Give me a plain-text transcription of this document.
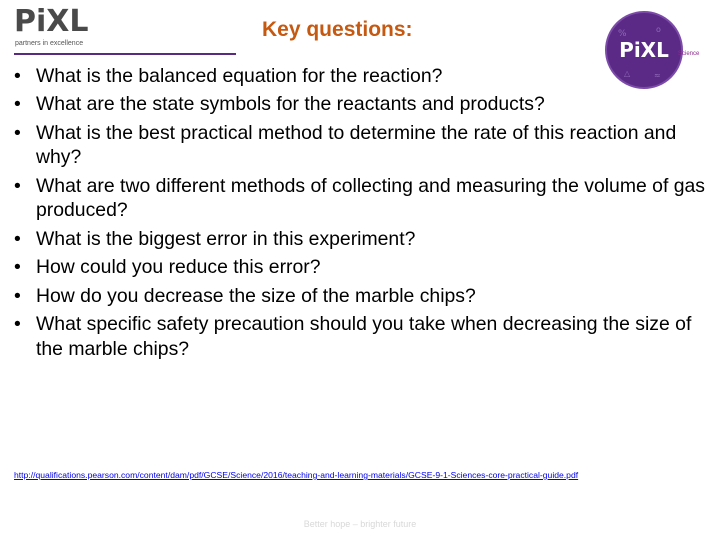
PiXL
partners in excellence
Key questions:	%	o
△	≈
PiXL Science
• What is the balanced equation for the reaction?
• What are the state symbols for the reactants and products?
• What is the best practical method to determine the rate of this reaction and why?
• What are two different methods of collecting and measuring the volume of gas produced?
• What is the biggest error in this experiment?
• How could you reduce this error?
• How do you decrease the size of the marble chips?
• What specific safety precaution should you take when decreasing the size of the marble chips?
http://qualifications.pearson.com/content/dam/pdf/GCSE/Science/2016/teaching-and-learning-materials/GCSE-9-1-Sciences-core-practical-guide.pdf
Better hope – brighter future
